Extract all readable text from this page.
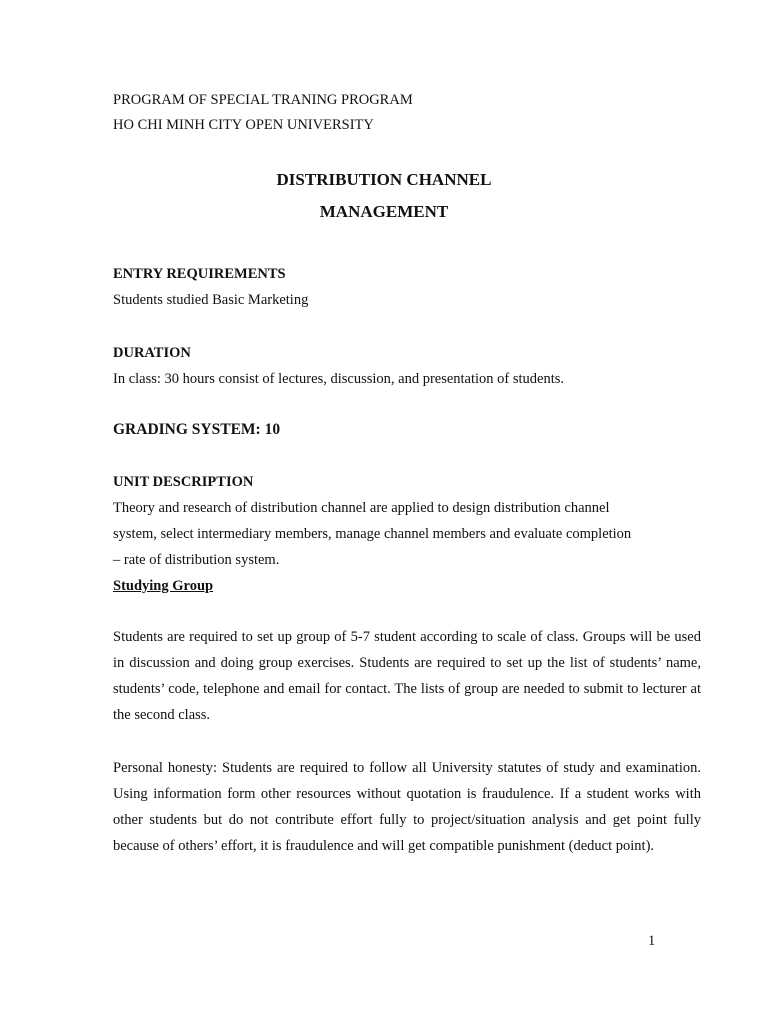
PROGRAM OF SPECIAL TRANING PROGRAM

HO CHI MINH CITY OPEN UNIVERSITY

DISTRIBUTION CHANNEL

MANAGEMENT

ENTRY REQUIREMENTS

Students studied Basic Marketing

DURATION

In class: 30 hours consist of lectures, discussion, and presentation of students.

GRADING SYSTEM: 10

UNIT DESCRIPTION

Theory and research of distribution channel are applied to design distribution channel

system, select intermediary members, manage channel members and evaluate completion

– rate of distribution system.

Studying Group

Students are required to set up group of 5-7 student according to scale of class. Groups will be used in discussion and doing group exercises. Students are required to set up the list of students’ name, students’ code, telephone and email for contact. The lists of group are needed to submit to lecturer at the second class.

Personal honesty: Students are required to follow all University statutes of study and examination. Using information form other resources without quotation is fraudulence. If a student works with other students but do not contribute effort fully to project/situation analysis and get point fully because of others’ effort, it is fraudulence and will get compatible punishment (deduct point).

1
